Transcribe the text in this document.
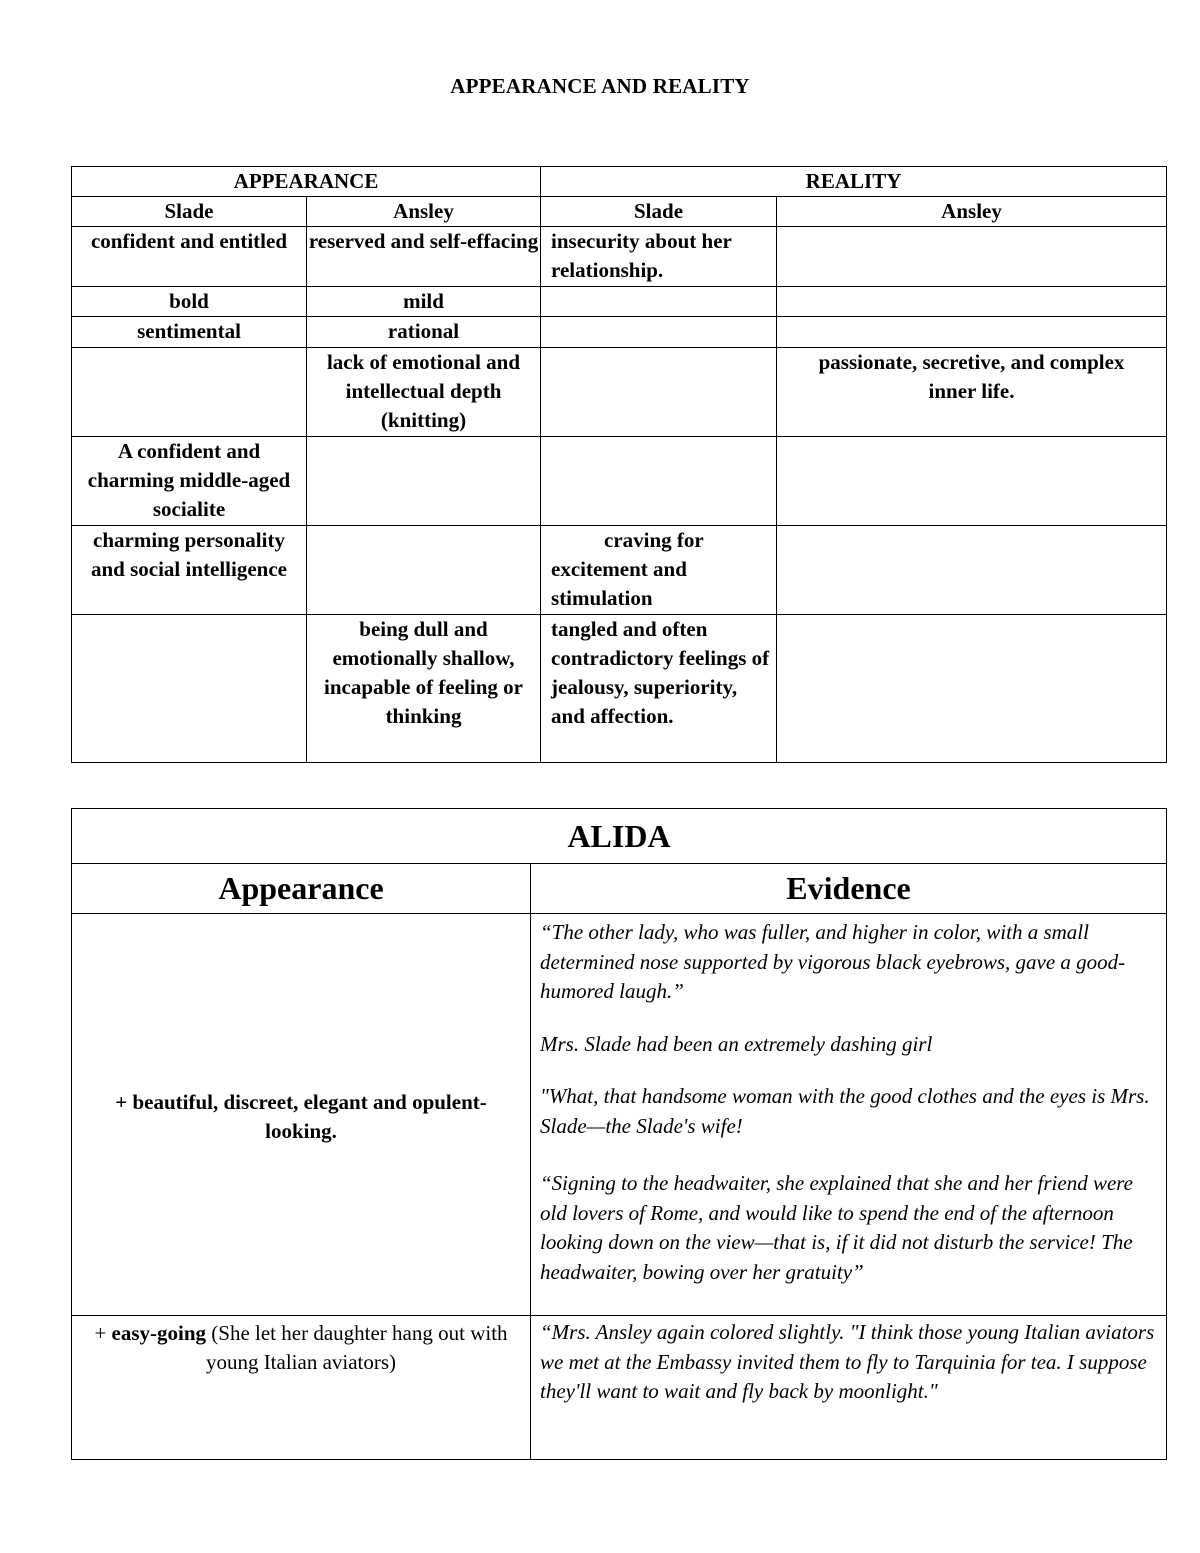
APPEARANCE AND REALITY
APPEARANCE		REALITY	
Slade	Ansley	Slade	Ansley
confident and entitled	reserved and self-effacing	insecurity about her relationship.	
bold	mild		
sentimental	rational		
	lack of emotional and intellectual depth (knitting)		passionate, secretive, and complex inner life.
A confident and charming middle-aged socialite			
charming personality and social intelligence		craving for excitement and stimulation	
	being dull and emotionally shallow, incapable of feeling or thinking	tangled and often contradictory feelings of jealousy, superiority, and affection.	
ALIDA	
Appearance	Evidence
+ beautiful, discreet, elegant and opulent-looking.	“The other lady, who was fuller, and higher in color, with a small determined nose supported by vigorous black eyebrows, gave a good-humored laugh.”

Mrs. Slade had been an extremely dashing girl

"What, that handsome woman with the good clothes and the eyes is Mrs. Slade—the Slade's wife!

“Signing to the headwaiter, she explained that she and her friend were old lovers of Rome, and would like to spend the end of the afternoon looking down on the view—that is, if it did not disturb the service! The headwaiter, bowing over her gratuity”

+ easy-going (She let her daughter hang out with young Italian aviators)	“Mrs. Ansley again colored slightly. "I think those young Italian aviators we met at the Embassy invited them to fly to Tarquinia for tea. I suppose they'll want to wait and fly back by moonlight."
